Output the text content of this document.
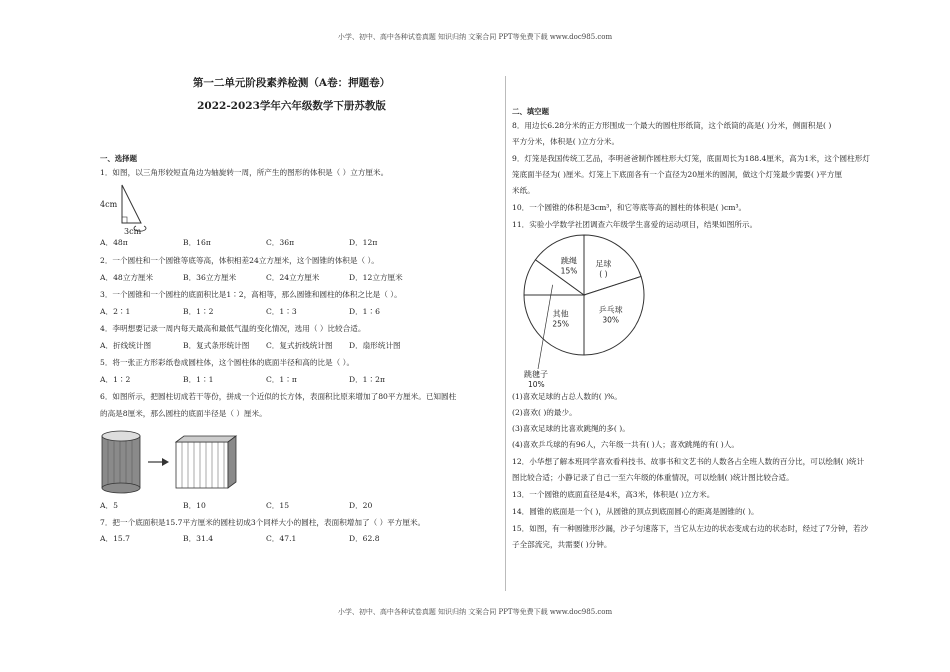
小学、初中、高中各种试卷真题 知识归纳 文案合同 PPT等免费下载 www.doc985.com
第一二单元阶段素养检测（A卷：押题卷）
2022-2023学年六年级数学下册苏教版
一、选择题
1．如图，以三角形较短直角边为轴旋转一周，所产生的图形的体积是（ ）立方厘米。
4cm
3cm
A．48π	B．16π	C．36π	D．12π
2．一个圆柱和一个圆锥等底等高，体积相差24立方厘米，这个圆锥的体积是（ ）。
A．48立方厘米	B．36立方厘米	C．24立方厘米	D．12立方厘米
3．一个圆锥和一个圆柱的底面积比是1∶2，高相等，那么圆锥和圆柱的体积之比是（ ）。
A．2∶1	B．1∶2	C．1∶3	D．1∶6
4．李明想要记录一周内每天最高和最低气温的变化情况，选用（ ）比较合适。
A．折线统计图	B．复式条形统计图	C．复式折线统计图	D．扇形统计图
5．将一张正方形彩纸卷成圆柱体，这个圆柱体的底面半径和高的比是（ ）。
A．1∶2	B．1∶1	C．1∶π	D．1∶2π
6．如图所示，把圆柱切成若干等份，拼成一个近似的长方体，表面积比原来增加了80平方厘米。已知圆柱
的高是8厘米，那么圆柱的底面半径是（ ）厘米。
A．5	B．10	C．15	D．20
7．把一个底面积是15.7平方厘米的圆柱切成3个同样大小的圆柱，表面积增加了（ ）平方厘米。
A．15.7	B．31.4	C．47.1	D．62.8
二、填空题
8．用边长6.28分米的正方形围成一个最大的圆柱形纸筒，这个纸筒的高是( )分米，侧面积是( )
平方分米，体积是( )立方分米。
9．灯笼是我国传统工艺品，李明爸爸制作圆柱形大灯笼，底面周长为188.4厘米，高为1米，这个圆柱形灯
笼底面半径为( )厘米。灯笼上下底面各有一个直径为20厘米的圆洞，做这个灯笼最少需要( )平方厘
米纸。
10．一个圆锥的体积是3cm³，和它等底等高的圆柱的体积是( )cm³。
11．实验小学数学社团调查六年级学生喜爱的运动项目，结果如图所示。
足球
( )
乒乓球
30%
其他
25%
跳毽子
10%
跳绳
15%
(1)喜欢足球的占总人数的( )%。
(2)喜欢( )的最少。
(3)喜欢足球的比喜欢跳绳的多( )。
(4)喜欢乒乓球的有96人，六年级一共有( )人；喜欢跳绳的有( )人。
12．小华想了解本班同学喜欢看科技书、故事书和文艺书的人数各占全班人数的百分比，可以绘制( )统计
图比较合适；小静记录了自己一至六年级的体重情况，可以绘制( )统计图比较合适。
13．一个圆锥的底面直径是4米，高3米，体积是( )立方米。
14．圆锥的底面是一个( )，从圆锥的顶点到底面圆心的距离是圆锥的( )。
15．如图，有一种圆锥形沙漏，沙子匀速落下，当它从左边的状态变成右边的状态时，经过了7分钟，若沙
子全部流完，共需要( )分钟。
小学、初中、高中各种试卷真题 知识归纳 文案合同 PPT等免费下载 www.doc985.com
